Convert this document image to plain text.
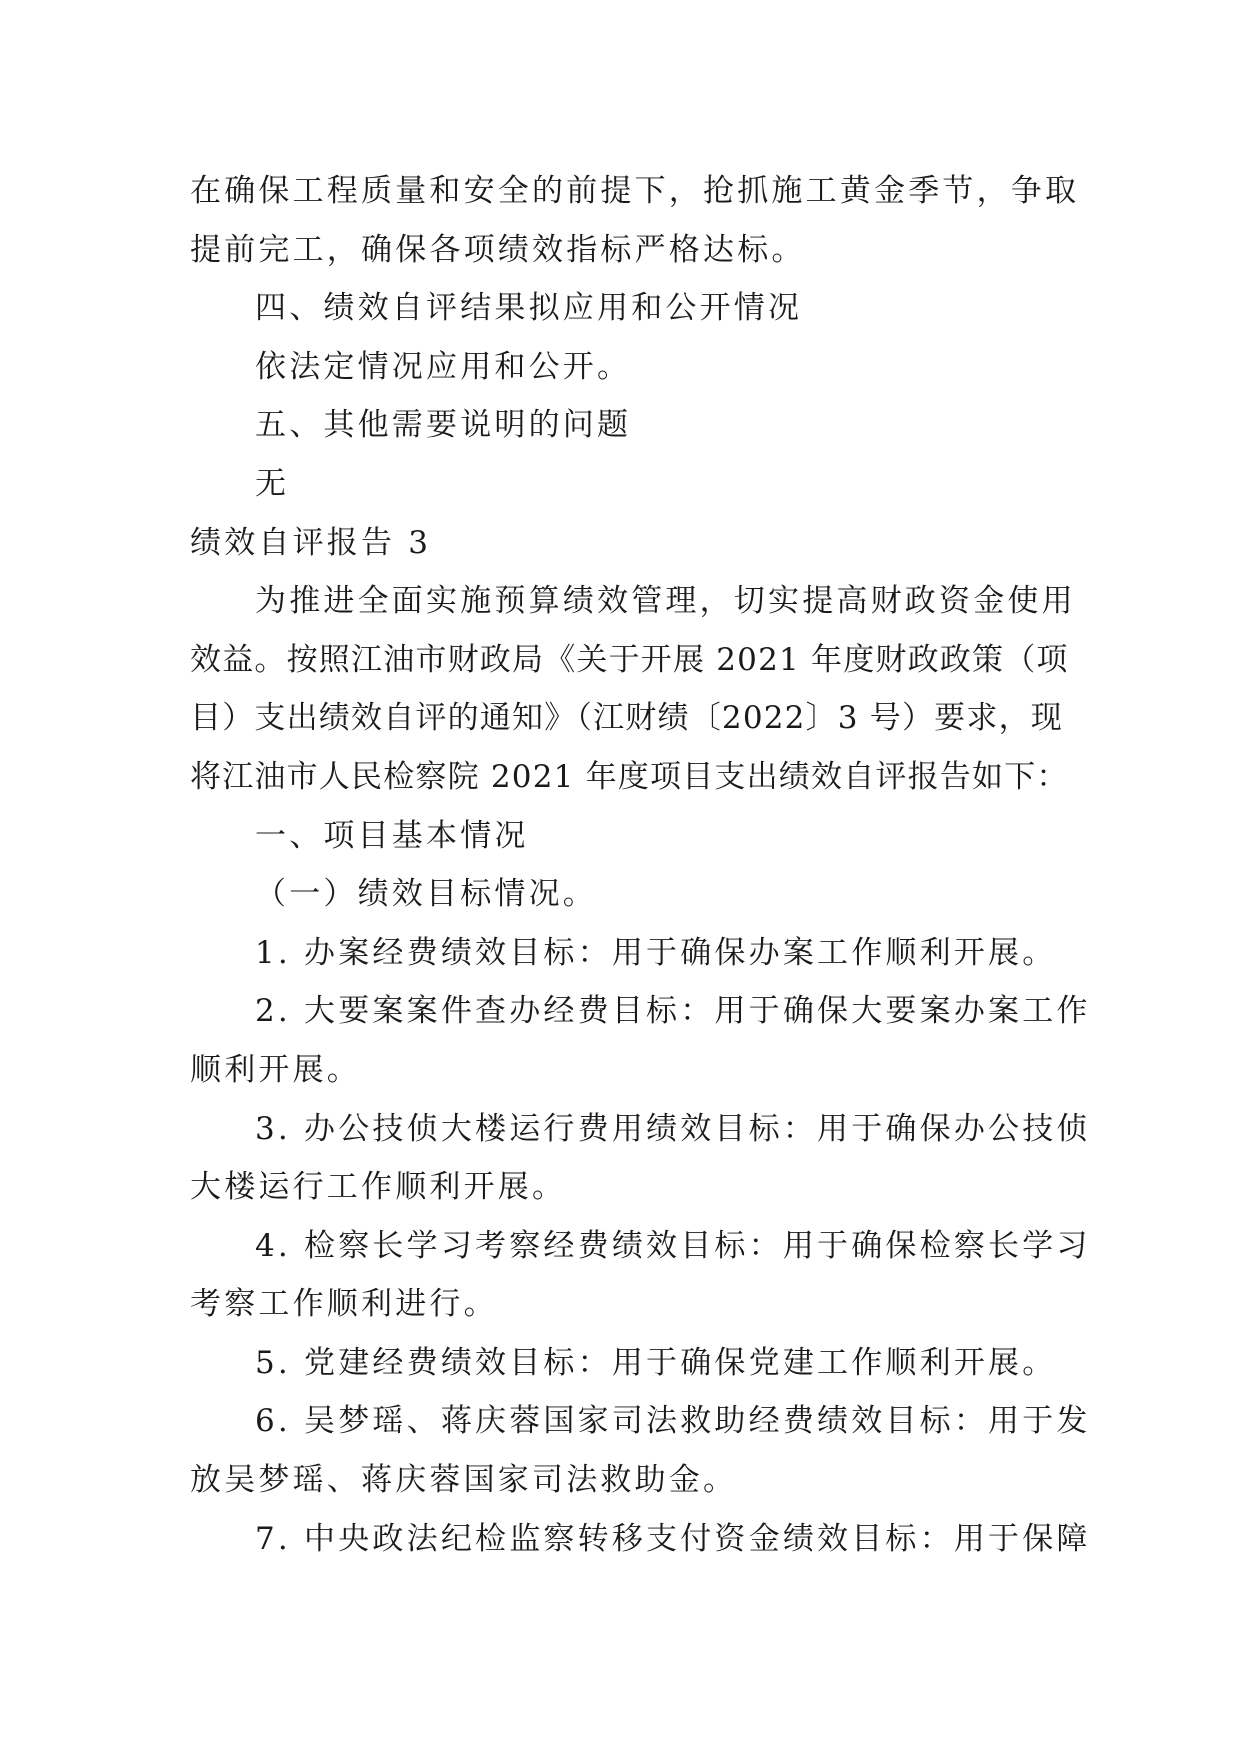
在确保工程质量和安全的前提下，抢抓施工黄金季节，争取
提前完工，确保各项绩效指标严格达标。
四、绩效自评结果拟应用和公开情况
依法定情况应用和公开。
五、其他需要说明的问题
无
绩效自评报告 3
为推进全面实施预算绩效管理，切实提高财政资金使用
效益。按照江油市财政局《关于开展 2021 年度财政政策（项
目）支出绩效自评的通知》（江财绩〔2022〕3 号）要求，现
将江油市人民检察院 2021 年度项目支出绩效自评报告如下：
一、项目基本情况
（一）绩效目标情况。
1. 办案经费绩效目标：用于确保办案工作顺利开展。
2. 大要案案件查办经费目标：用于确保大要案办案工作
顺利开展。
3. 办公技侦大楼运行费用绩效目标：用于确保办公技侦
大楼运行工作顺利开展。
4. 检察长学习考察经费绩效目标：用于确保检察长学习
考察工作顺利进行。
5. 党建经费绩效目标：用于确保党建工作顺利开展。
6. 吴梦瑶、蒋庆蓉国家司法救助经费绩效目标：用于发
放吴梦瑶、蒋庆蓉国家司法救助金。
7. 中央政法纪检监察转移支付资金绩效目标：用于保障
